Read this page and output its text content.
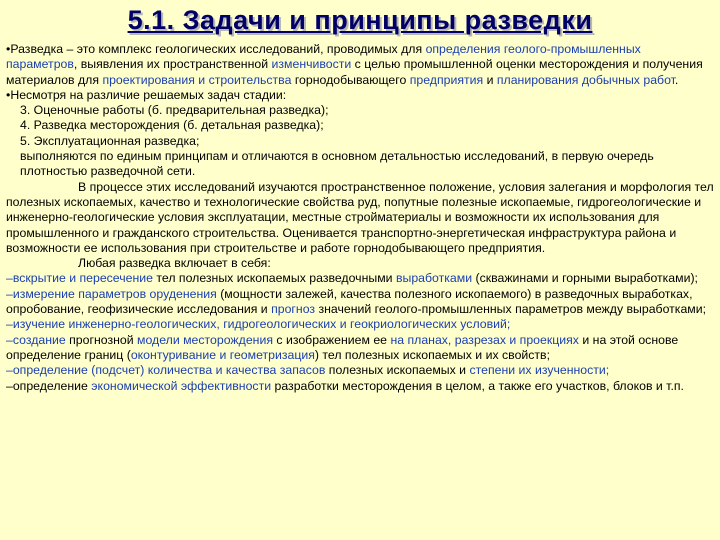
5.1. Задачи и принципы разведки

• Разведка – это комплекс геологических исследований, проводимых для определения геолого-промышленных параметров, выявления их пространственной изменчивости с целью промышленной оценки месторождения и получения материалов для проектирования и строительства горнодобывающего предприятия и планирования добычных работ.

• Несмотря на различие решаемых задач стадии:

3. Оценочные работы (б. предварительная разведка);

4. Разведка месторождения (б. детальная разведка);

5. Эксплуатационная разведка;

выполняются по единым принципам и отличаются в основном детальностью исследований, в первую очередь плотностью разведочной сети.

В процессе этих исследований изучаются пространственное положение, условия залегания и морфология тел полезных ископаемых, качество и технологические свойства руд, попутные полезные ископаемые, гидрогеологические и инженерно-геологические условия эксплуатации, местные стройматериалы и возможности их использования для промышленного и гражданского строительства. Оценивается транспортно-энергетическая инфраструктура района и возможности ее использования при строительстве и работе горнодобывающего предприятия.

Любая разведка включает в себя:

–вскрытие и пересечение тел полезных ископаемых разведочными выработками (скважинами и горными выработками);

–измерение параметров оруденения (мощности залежей, качества полезного ископаемого) в разведочных выработках, опробование, геофизические исследования и прогноз значений геолого-промышленных параметров между выработками;

–изучение инженерно-геологических, гидрогеологических и геокриологических условий;

–создание прогнозной модели месторождения с изображением ее на планах, разрезах и проекциях и на этой основе определение границ (оконтуривание и геометризация) тел полезных ископаемых и их свойств;

–определение (подсчет) количества и качества запасов полезных ископаемых и степени их изученности;

–определение экономической эффективности разработки месторождения в целом, а также его участков, блоков и т.п.
